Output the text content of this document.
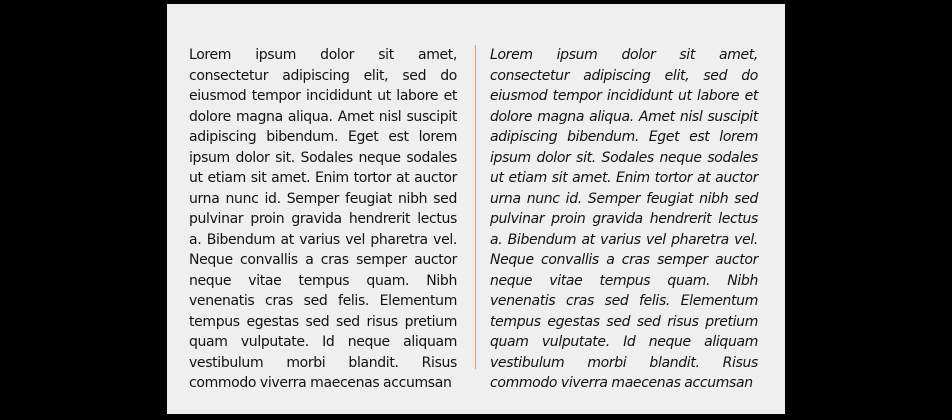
Lorem ipsum dolor sit amet, consectetur adipiscing elit, sed do eiusmod tempor incididunt ut labore et dolore magna aliqua. Amet nisl suscipit adipiscing bibendum. Eget est lorem ipsum dolor sit. Sodales neque sodales ut etiam sit amet. Enim tortor at auctor urna nunc id. Semper feugiat nibh sed pulvinar proin gravida hendrerit lectus a. Bibendum at varius vel pharetra vel. Neque convallis a cras semper auctor neque vitae tempus quam. Nibh venenatis cras sed felis. Elementum tempus egestas sed sed risus pretium quam vulputate. Id neque aliquam vestibulum morbi blandit. Risus commodo viverra maecenas accumsan
Lorem ipsum dolor sit amet, consectetur adipiscing elit, sed do eiusmod tempor incididunt ut labore et dolore magna aliqua. Amet nisl suscipit adipiscing bibendum. Eget est lorem ipsum dolor sit. Sodales neque sodales ut etiam sit amet. Enim tortor at auctor urna nunc id. Semper feugiat nibh sed pulvinar proin gravida hendrerit lectus a. Bibendum at varius vel pharetra vel. Neque convallis a cras semper auctor neque vitae tempus quam. Nibh venenatis cras sed felis. Elementum tempus egestas sed sed risus pretium quam vulputate. Id neque aliquam vestibulum morbi blandit. Risus commodo viverra maecenas accumsan
